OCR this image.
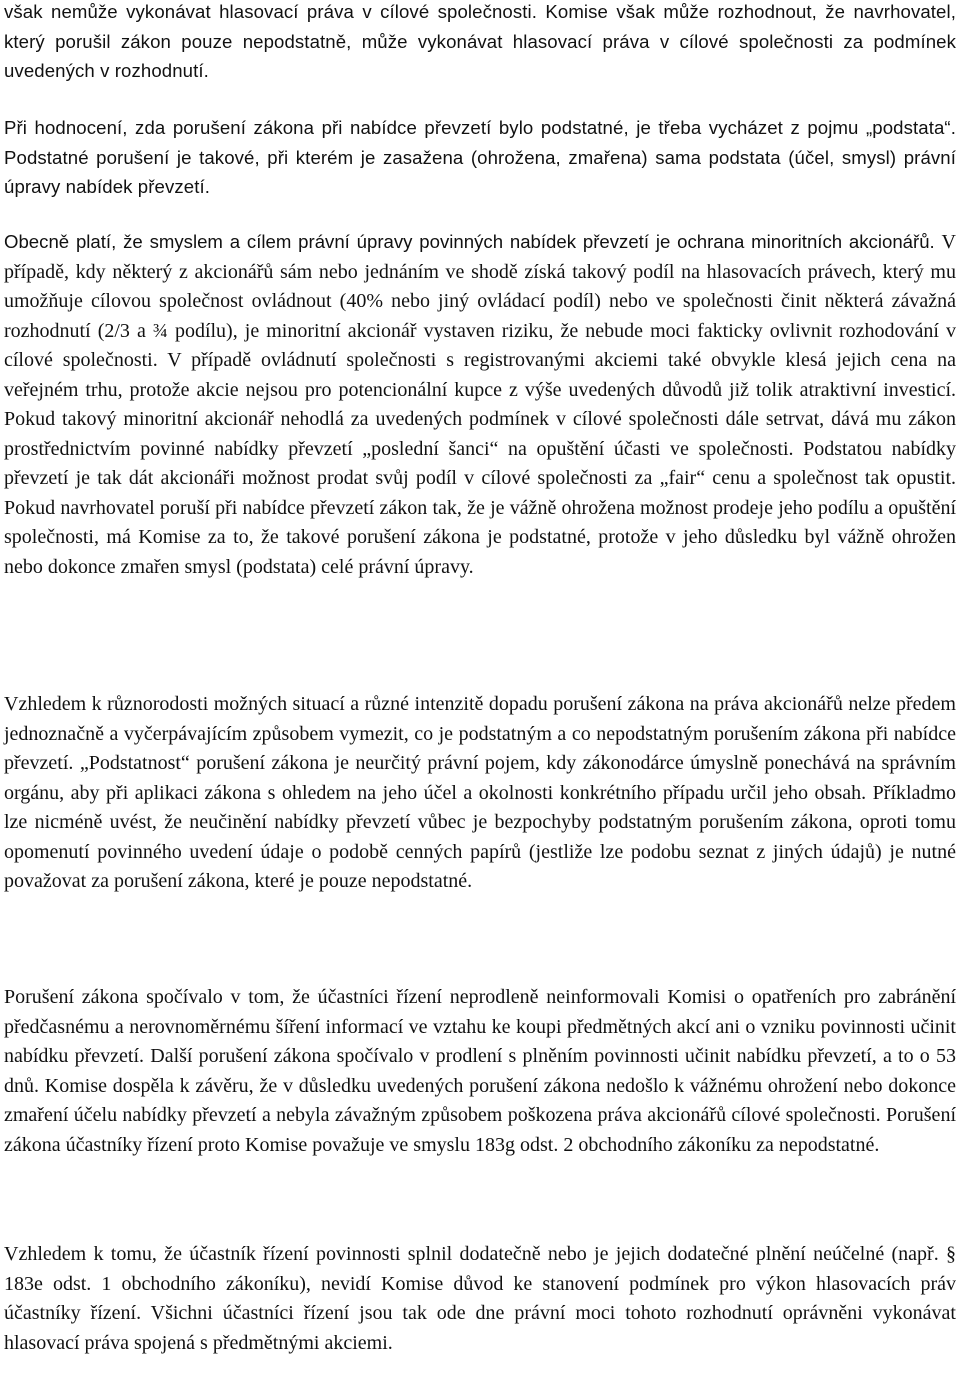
však nemůže vykonávat hlasovací práva v cílové společnosti. Komise však může rozhodnout, že navrhovatel, který porušil zákon pouze nepodstatně, může vykonávat hlasovací práva v cílové společnosti za podmínek uvedených v rozhodnutí.

Při hodnocení, zda porušení zákona při nabídce převzetí bylo podstatné, je třeba vycházet z pojmu „podstata“. Podstatné porušení je takové, při kterém je zasažena (ohrožena, zmařena) sama podstata (účel, smysl) právní úpravy nabídek převzetí.

Obecně platí, že smyslem a cílem právní úpravy povinných nabídek převzetí je ochrana minoritních akcionářů. V případě, kdy některý z akcionářů sám nebo jednáním ve shodě získá takový podíl na hlasovacích právech, který mu umožňuje cílovou společnost ovládnout (40% nebo jiný ovládací podíl) nebo ve společnosti činit některá závažná rozhodnutí (2/3 a ¾ podílu), je minoritní akcionář vystaven riziku, že nebude moci fakticky ovlivnit rozhodování v cílové společnosti. V případě ovládnutí společnosti s registrovanými akciemi také obvykle klesá jejich cena na veřejném trhu, protože akcie nejsou pro potencionální kupce z výše uvedených důvodů již tolik atraktivní investicí. Pokud takový minoritní akcionář nehodlá za uvedených podmínek v cílové společnosti dále setrvat, dává mu zákon prostřednictvím povinné nabídky převzetí „poslední šanci“ na opuštění účasti ve společnosti. Podstatou nabídky převzetí je tak dát akcionáři možnost prodat svůj podíl v cílové společnosti za „fair“ cenu a společnost tak opustit. Pokud navrhovatel poruší při nabídce převzetí zákon tak, že je vážně ohrožena možnost prodeje jeho podílu a opuštění společnosti, má Komise za to, že takové porušení zákona je podstatné, protože v jeho důsledku byl vážně ohrožen nebo dokonce zmařen smysl (podstata) celé právní úpravy.

Vzhledem k různorodosti možných situací a různé intenzitě dopadu porušení zákona na práva akcionářů nelze předem jednoznačně a vyčerpávajícím způsobem vymezit, co je podstatným a co nepodstatným porušením zákona při nabídce převzetí. „Podstatnost“ porušení zákona je neurčitý právní pojem, kdy zákonodárce úmyslně ponechává na správním orgánu, aby při aplikaci zákona s ohledem na jeho účel a okolnosti konkrétního případu určil jeho obsah. Příkladmo lze nicméně uvést, že neučinění nabídky převzetí vůbec je bezpochyby podstatným porušením zákona, oproti tomu opomenutí povinného uvedení údaje o podobě cenných papírů (jestliže lze podobu seznat z jiných údajů) je nutné považovat za porušení zákona, které je pouze nepodstatné.

Porušení zákona spočívalo v tom, že účastníci řízení neprodleně neinformovali Komisi o opatřeních pro zabránění předčasnému a nerovnoměrnému šíření informací ve vztahu ke koupi předmětných akcí ani o vzniku povinnosti učinit nabídku převzetí. Další porušení zákona spočívalo v prodlení s plněním povinnosti učinit nabídku převzetí, a to o 53 dnů. Komise dospěla k závěru, že v důsledku uvedených porušení zákona nedošlo k vážnému ohrožení nebo dokonce zmaření účelu nabídky převzetí a nebyla závažným způsobem poškozena práva akcionářů cílové společnosti. Porušení zákona účastníky řízení proto Komise považuje ve smyslu 183g odst. 2 obchodního zákoníku za nepodstatné.

Vzhledem k tomu, že účastník řízení povinnosti splnil dodatečně nebo je jejich dodatečné plnění neúčelné (např. § 183e odst. 1 obchodního zákoníku), nevidí Komise důvod ke stanovení podmínek pro výkon hlasovacích práv účastníky řízení. Všichni účastníci řízení jsou tak ode dne právní moci tohoto rozhodnutí oprávněni vykonávat hlasovací práva spojená s předmětnými akciemi.
